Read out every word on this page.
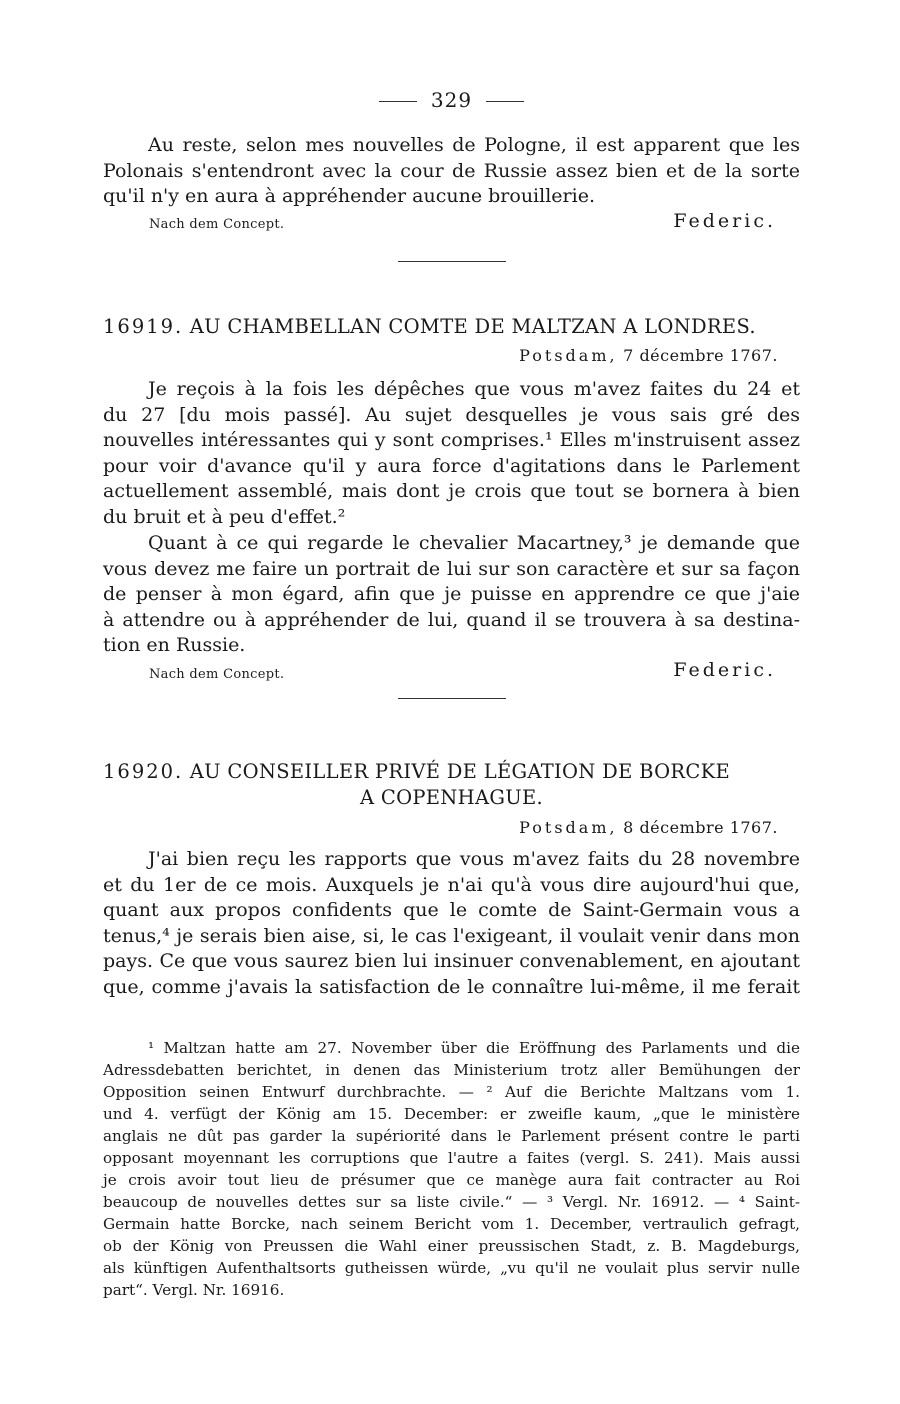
329
Au reste, selon mes nouvelles de Pologne, il est apparent que les
Polonais s'entendront avec la cour de Russie assez bien et de la sorte
qu'il n'y en aura à appréhender aucune brouillerie.
Nach dem Concept.	Federic.
16919. AU CHAMBELLAN COMTE DE MALTZAN A LONDRES.
Potsdam, 7 décembre 1767.
Je reçois à la fois les dépêches que vous m'avez faites du 24 et
du 27 [du mois passé]. Au sujet desquelles je vous sais gré des
nouvelles intéressantes qui y sont comprises.¹ Elles m'instruisent assez
pour voir d'avance qu'il y aura force d'agitations dans le Parlement
actuellement assemblé, mais dont je crois que tout se bornera à bien
du bruit et à peu d'effet.²
Quant à ce qui regarde le chevalier Macartney,³ je demande que
vous devez me faire un portrait de lui sur son caractère et sur sa façon
de penser à mon égard, afin que je puisse en apprendre ce que j'aie
à attendre ou à appréhender de lui, quand il se trouvera à sa destina-
tion en Russie.
Nach dem Concept.	Federic.
16920. AU CONSEILLER PRIVÉ DE LÉGATION DE BORCKE
A COPENHAGUE.
Potsdam, 8 décembre 1767.
J'ai bien reçu les rapports que vous m'avez faits du 28 novembre
et du 1er de ce mois. Auxquels je n'ai qu'à vous dire aujourd'hui que,
quant aux propos confidents que le comte de Saint-Germain vous a
tenus,⁴ je serais bien aise, si, le cas l'exigeant, il voulait venir dans mon
pays. Ce que vous saurez bien lui insinuer convenablement, en ajoutant
que, comme j'avais la satisfaction de le connaître lui-même, il me ferait
¹ Maltzan hatte am 27. November über die Eröffnung des Parlaments und die
Adressdebatten berichtet, in denen das Ministerium trotz aller Bemühungen der
Opposition seinen Entwurf durchbrachte. — ² Auf die Berichte Maltzans vom 1.
und 4. verfügt der König am 15. December: er zweifle kaum, „que le ministère
anglais ne dût pas garder la supériorité dans le Parlement présent contre le parti
opposant moyennant les corruptions que l'autre a faites (vergl. S. 241). Mais aussi
je crois avoir tout lieu de présumer que ce manège aura fait contracter au Roi
beaucoup de nouvelles dettes sur sa liste civile.“ — ³ Vergl. Nr. 16912. — ⁴ Saint-
Germain hatte Borcke, nach seinem Bericht vom 1. December, vertraulich gefragt,
ob der König von Preussen die Wahl einer preussischen Stadt, z. B. Magdeburgs,
als künftigen Aufenthaltsorts gutheissen würde, „vu qu'il ne voulait plus servir nulle
part“. Vergl. Nr. 16916.
